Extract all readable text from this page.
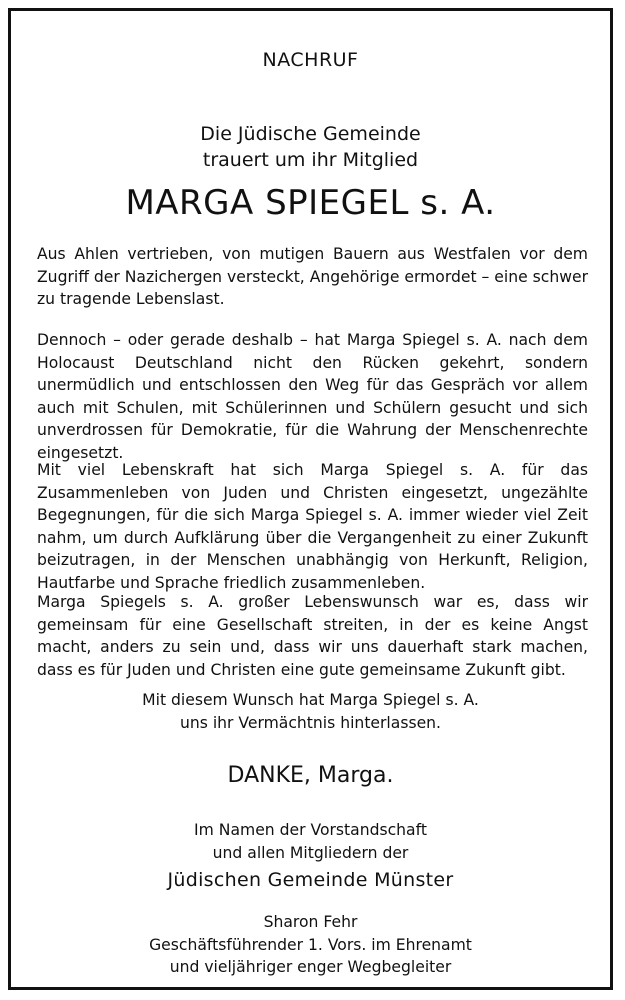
NACHRUF
Die Jüdische Gemeinde
trauert um ihr Mitglied
MARGA SPIEGEL s. A.
Aus Ahlen vertrieben, von mutigen Bauern aus Westfalen vor dem Zugriff der Nazichergen versteckt, Angehörige ermordet – eine schwer zu tragende Lebenslast.
Dennoch – oder gerade deshalb – hat Marga Spiegel s. A. nach dem Holocaust Deutschland nicht den Rücken gekehrt, sondern unermüdlich und entschlossen den Weg für das Gespräch vor allem auch mit Schulen, mit Schülerinnen und Schülern gesucht und sich unverdrossen für Demokratie, für die Wahrung der Menschenrechte eingesetzt.
Mit viel Lebenskraft hat sich Marga Spiegel s. A. für das Zusammenleben von Juden und Christen eingesetzt, ungezählte Begegnungen, für die sich Marga Spiegel s. A. immer wieder viel Zeit nahm, um durch Aufklärung über die Vergangenheit zu einer Zukunft beizutragen, in der Menschen unabhängig von Herkunft, Religion, Hautfarbe und Sprache friedlich zusammenleben.
Marga Spiegels s. A. großer Lebenswunsch war es, dass wir gemeinsam für eine Gesellschaft streiten, in der es keine Angst macht, anders zu sein und, dass wir uns dauerhaft stark machen, dass es für Juden und Christen eine gute gemeinsame Zukunft gibt.
Mit diesem Wunsch hat Marga Spiegel s. A.
uns ihr Vermächtnis hinterlassen.
DANKE, Marga.
Im Namen der Vorstandschaft
und allen Mitgliedern der
Jüdischen Gemeinde Münster
Sharon Fehr
Geschäftsführender 1. Vors. im Ehrenamt
und vieljähriger enger Wegbegleiter
